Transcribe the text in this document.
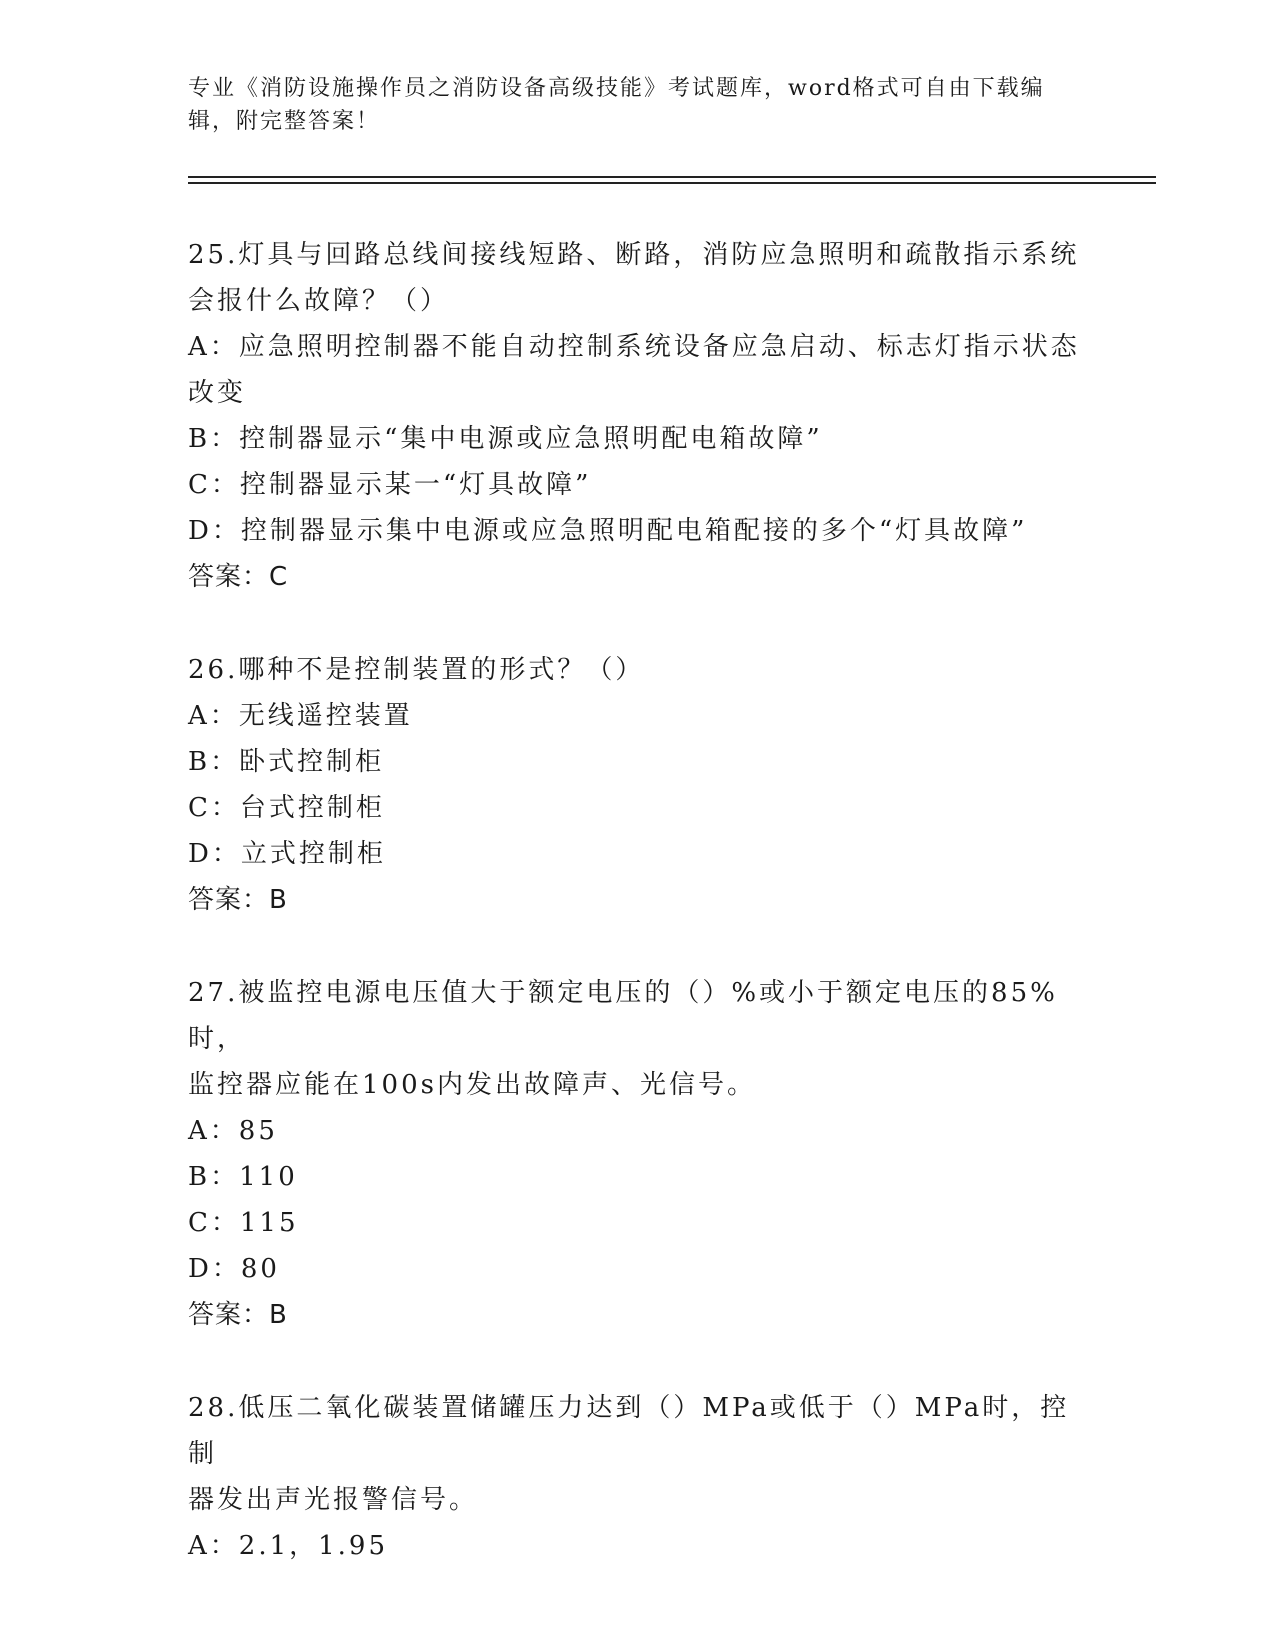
专业《消防设施操作员之消防设备高级技能》考试题库，word格式可自由下载编
辑，附完整答案！
25.灯具与回路总线间接线短路、断路，消防应急照明和疏散指示系统
会报什么故障？（）
A：应急照明控制器不能自动控制系统设备应急启动、标志灯指示状态
改变
B：控制器显示“集中电源或应急照明配电箱故障”
C：控制器显示某一“灯具故障”
D：控制器显示集中电源或应急照明配电箱配接的多个“灯具故障”
答案：C
26.哪种不是控制装置的形式？（）
A：无线遥控装置
B：卧式控制柜
C：台式控制柜
D：立式控制柜
答案：B
27.被监控电源电压值大于额定电压的（）%或小于额定电压的85%时，
监控器应能在100s内发出故障声、光信号。
A：85
B：110
C：115
D：80
答案：B
28.低压二氧化碳装置储罐压力达到（）MPa或低于（）MPa时，控制
器发出声光报警信号。
A：2.1，1.95
